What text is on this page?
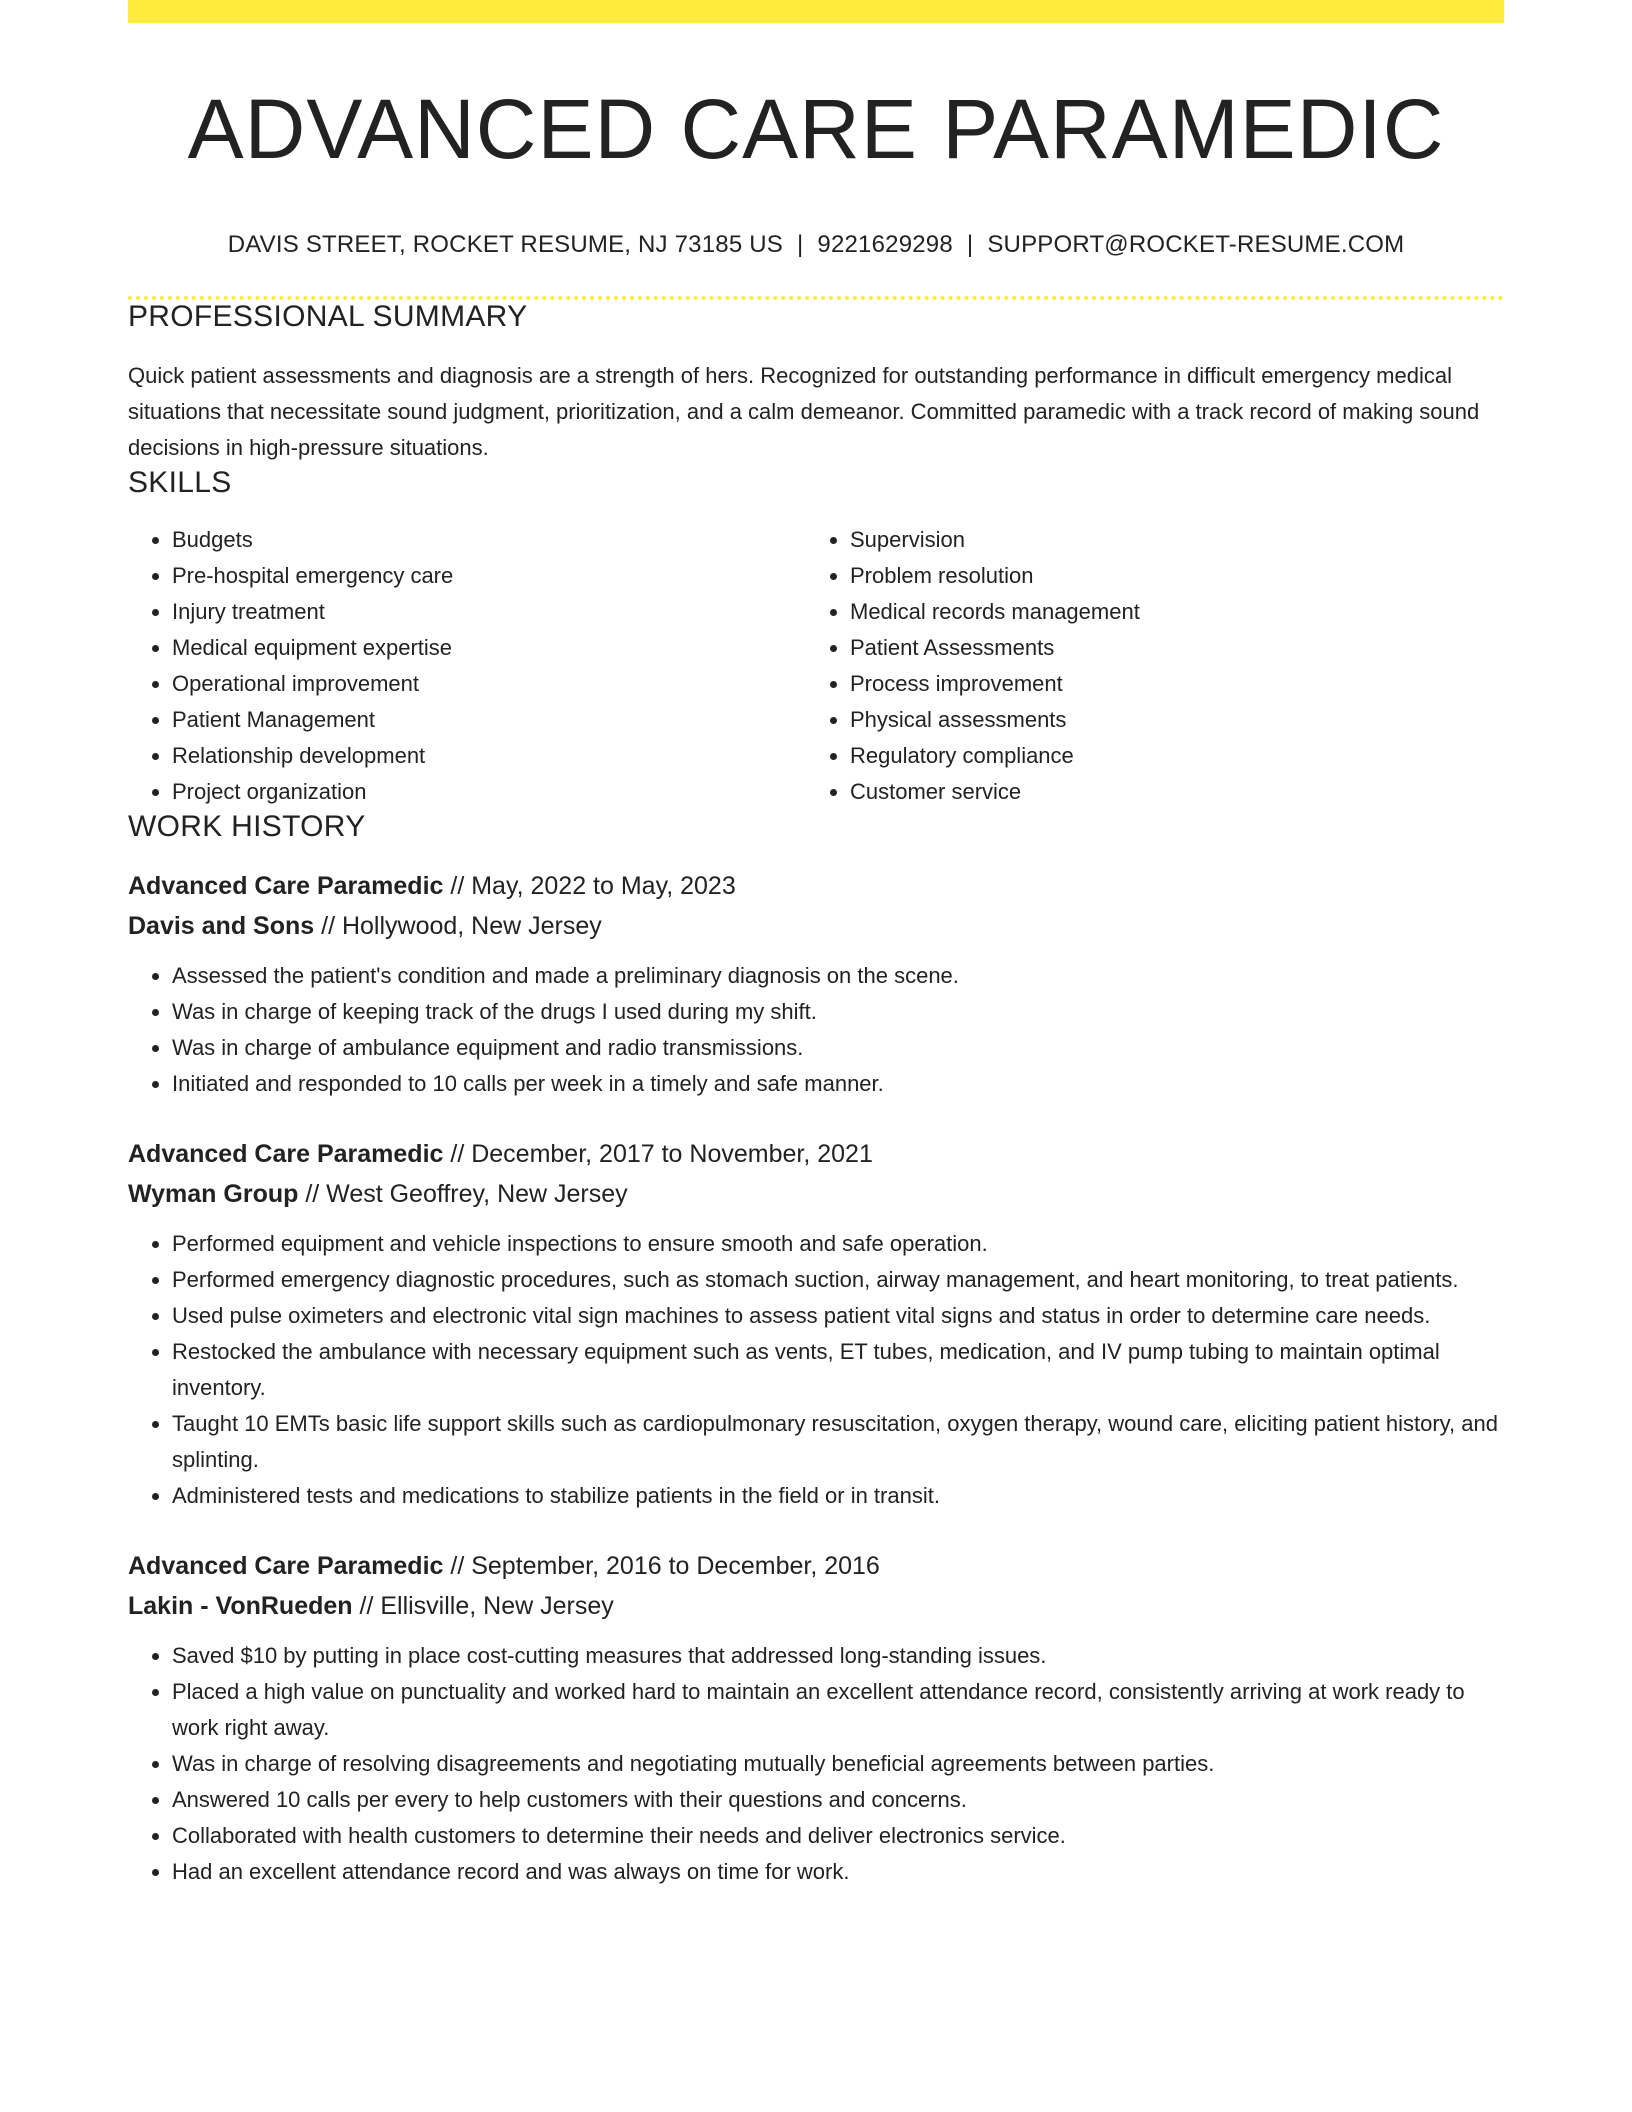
ADVANCED CARE PARAMEDIC
DAVIS STREET, ROCKET RESUME, NJ 73185 US | 9221629298 | SUPPORT@ROCKET-RESUME.COM
PROFESSIONAL SUMMARY

Quick patient assessments and diagnosis are a strength of hers. Recognized for outstanding performance in difficult emergency medical situations that necessitate sound judgment, prioritization, and a calm demeanor. Committed paramedic with a track record of making sound decisions in high-pressure situations.

SKILLS
• Budgets
• Pre-hospital emergency care
• Injury treatment
• Medical equipment expertise
• Operational improvement
• Patient Management
• Relationship development
• Project organization
• Supervision
• Problem resolution
• Medical records management
• Patient Assessments
• Process improvement
• Physical assessments
• Regulatory compliance
• Customer service
WORK HISTORY
Advanced Care Paramedic // May, 2022 to May, 2023
Davis and Sons // Hollywood, New Jersey
• Assessed the patient's condition and made a preliminary diagnosis on the scene.
• Was in charge of keeping track of the drugs I used during my shift.
• Was in charge of ambulance equipment and radio transmissions.
• Initiated and responded to 10 calls per week in a timely and safe manner.
Advanced Care Paramedic // December, 2017 to November, 2021
Wyman Group // West Geoffrey, New Jersey
• Performed equipment and vehicle inspections to ensure smooth and safe operation.
• Performed emergency diagnostic procedures, such as stomach suction, airway management, and heart monitoring, to treat patients.
• Used pulse oximeters and electronic vital sign machines to assess patient vital signs and status in order to determine care needs.
• Restocked the ambulance with necessary equipment such as vents, ET tubes, medication, and IV pump tubing to maintain optimal inventory.
• Taught 10 EMTs basic life support skills such as cardiopulmonary resuscitation, oxygen therapy, wound care, eliciting patient history, and splinting.
• Administered tests and medications to stabilize patients in the field or in transit.
Advanced Care Paramedic // September, 2016 to December, 2016
Lakin - VonRueden // Ellisville, New Jersey
• Saved $10 by putting in place cost-cutting measures that addressed long-standing issues.
• Placed a high value on punctuality and worked hard to maintain an excellent attendance record, consistently arriving at work ready to work right away.
• Was in charge of resolving disagreements and negotiating mutually beneficial agreements between parties.
• Answered 10 calls per every to help customers with their questions and concerns.
• Collaborated with health customers to determine their needs and deliver electronics service.
• Had an excellent attendance record and was always on time for work.
